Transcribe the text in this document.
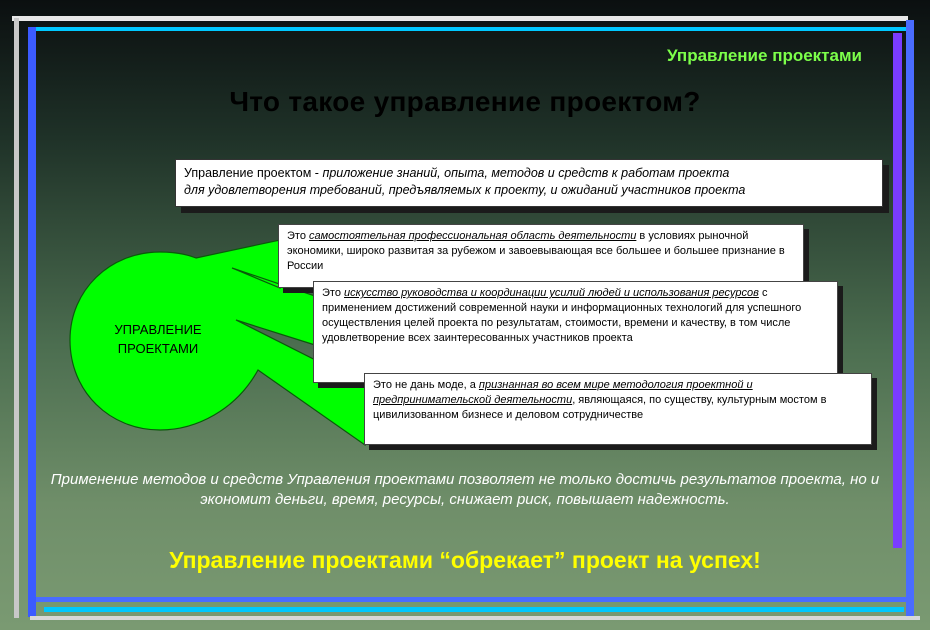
Управление проектами
Что такое управление проектом?
Управление проектом - приложение знаний, опыта, методов и средств к работам проекта
для удовлетворения требований, предъявляемых к проекту, и ожиданий участников проекта
УПРАВЛЕНИЕ
ПРОЕКТАМИ
Это самостоятельная профессиональная область деятельности в условиях рыночной экономики, широко развитая за рубежом и завоевывающая все большее и большее признание в России
Это искусство руководства и координации усилий людей и использования ресурсов с применением достижений современной науки и информационных технологий для успешного осуществления целей проекта по результатам, стоимости, времени и качеству, в том числе удовлетворение всех заинтересованных участников проекта
Это не дань моде, а признанная во всем мире методология проектной и предпринимательской деятельности, являющаяся, по существу, культурным мостом в цивилизованном бизнесе и деловом сотрудничестве
Применение методов и средств Управления проектами позволяет не только достичь результатов проекта, но и экономит деньги, время, ресурсы, снижает риск, повышает надежность.
Управление проектами “обрекает” проект на успех!
